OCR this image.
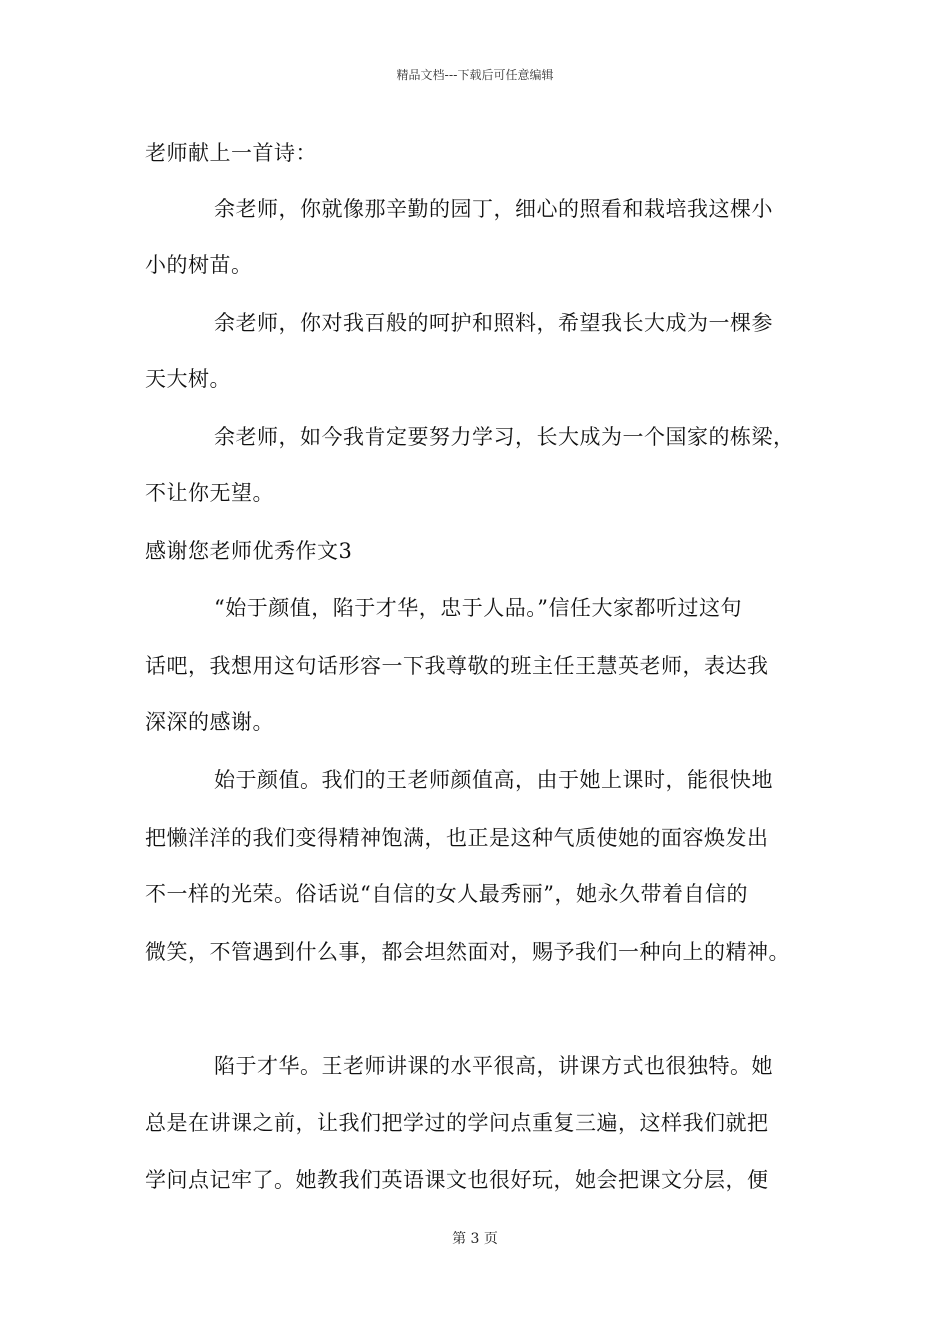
精品文档---下载后可任意编辑
老师献上一首诗：
余老师，你就像那辛勤的园丁，细心的照看和栽培我这棵小
小的树苗。
余老师，你对我百般的呵护和照料，希望我长大成为一棵参
天大树。
余老师，如今我肯定要努力学习，长大成为一个国家的栋梁，
不让你无望。
感谢您老师优秀作文3
“始于颜值，陷于才华，忠于人品。”信任大家都听过这句
话吧，我想用这句话形容一下我尊敬的班主任王慧英老师，表达我
深深的感谢。
始于颜值。我们的王老师颜值高，由于她上课时，能很快地
把懒洋洋的我们变得精神饱满，也正是这种气质使她的面容焕发出
不一样的光荣。俗话说“自信的女人最秀丽”，她永久带着自信的
微笑，不管遇到什么事，都会坦然面对，赐予我们一种向上的精神。
陷于才华。王老师讲课的水平很高，讲课方式也很独特。她
总是在讲课之前，让我们把学过的学问点重复三遍，这样我们就把
学问点记牢了。她教我们英语课文也很好玩，她会把课文分层，便
第 3 页
